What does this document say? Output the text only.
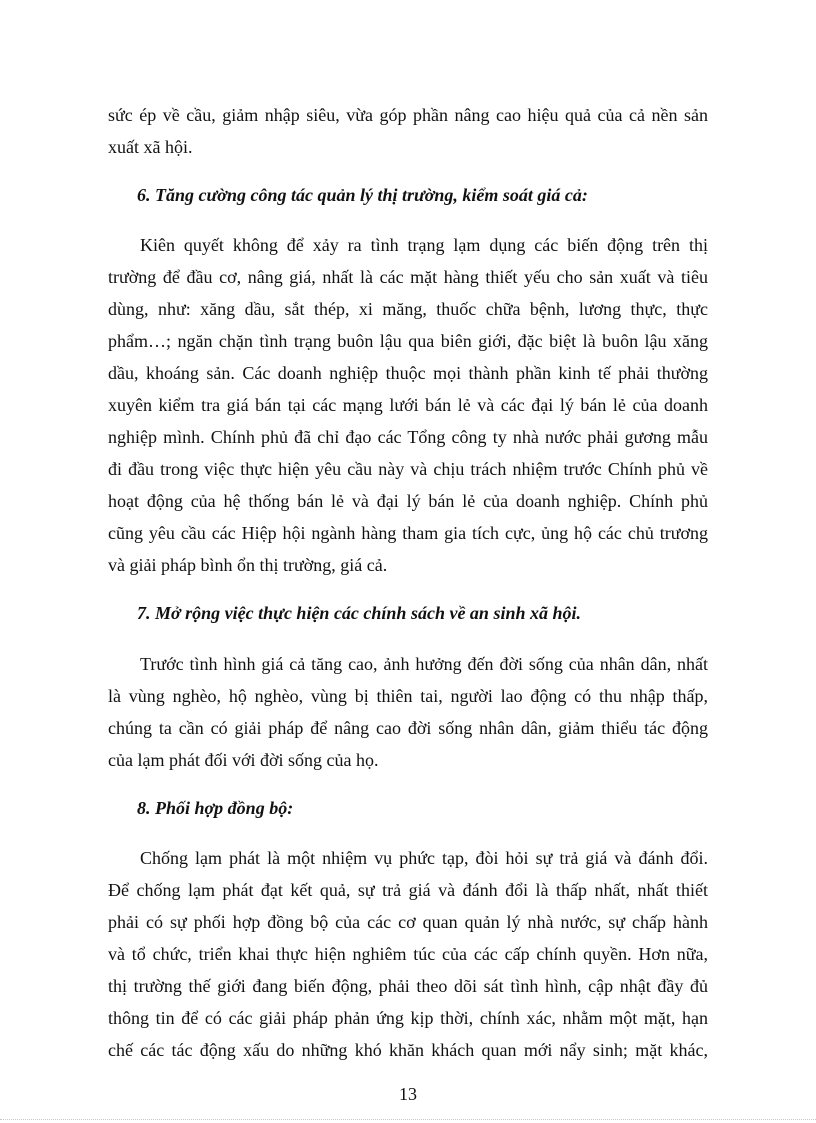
sức ép về cầu, giảm nhập siêu, vừa góp phần nâng cao hiệu quả của cả nền sản
xuất xã hội.
6. Tăng cường công tác quản lý thị trường, kiểm soát giá cả:
Kiên quyết không để xảy ra tình trạng lạm dụng các biến động trên thị
trường để đầu cơ, nâng giá, nhất là các mặt hàng thiết yếu cho sản xuất và tiêu
dùng, như: xăng dầu, sắt thép, xi măng, thuốc chữa bệnh, lương thực, thực
phẩm…; ngăn chặn tình trạng buôn lậu qua biên giới, đặc biệt là buôn lậu xăng
dầu, khoáng sản. Các doanh nghiệp thuộc mọi thành phần kinh tế phải thường
xuyên kiểm tra giá bán tại các mạng lưới bán lẻ và các đại lý bán lẻ của doanh
nghiệp mình. Chính phủ đã chỉ đạo các Tổng công ty nhà nước phải gương mẫu
đi đầu trong việc thực hiện yêu cầu này và chịu trách nhiệm trước Chính phủ về
hoạt động của hệ thống bán lẻ và đại lý bán lẻ của doanh nghiệp. Chính phủ
cũng yêu cầu các Hiệp hội ngành hàng tham gia tích cực, ủng hộ các chủ trương
và giải pháp bình ổn thị trường, giá cả.
7. Mở rộng việc thực hiện các chính sách về an sinh xã hội.
Trước tình hình giá cả tăng cao, ảnh hưởng đến đời sống của nhân dân, nhất
là vùng nghèo, hộ nghèo, vùng bị thiên tai, người lao động có thu nhập thấp,
chúng ta cần có giải pháp để nâng cao đời sống nhân dân, giảm thiểu tác động
của lạm phát đối với đời sống của họ.
8. Phối hợp đồng bộ:
Chống lạm phát là một nhiệm vụ phức tạp, đòi hỏi sự trả giá và đánh đổi.
Để chống lạm phát đạt kết quả, sự trả giá và đánh đổi là thấp nhất, nhất thiết
phải có sự phối hợp đồng bộ của các cơ quan quản lý nhà nước, sự chấp hành
và tổ chức, triển khai thực hiện nghiêm túc của các cấp chính quyền. Hơn nữa,
thị trường thế giới đang biến động, phải theo dõi sát tình hình, cập nhật đầy đủ
thông tin để có các giải pháp phản ứng kịp thời, chính xác, nhằm một mặt, hạn
chế các tác động xấu do những khó khăn khách quan mới nẩy sinh; mặt khác,
13
